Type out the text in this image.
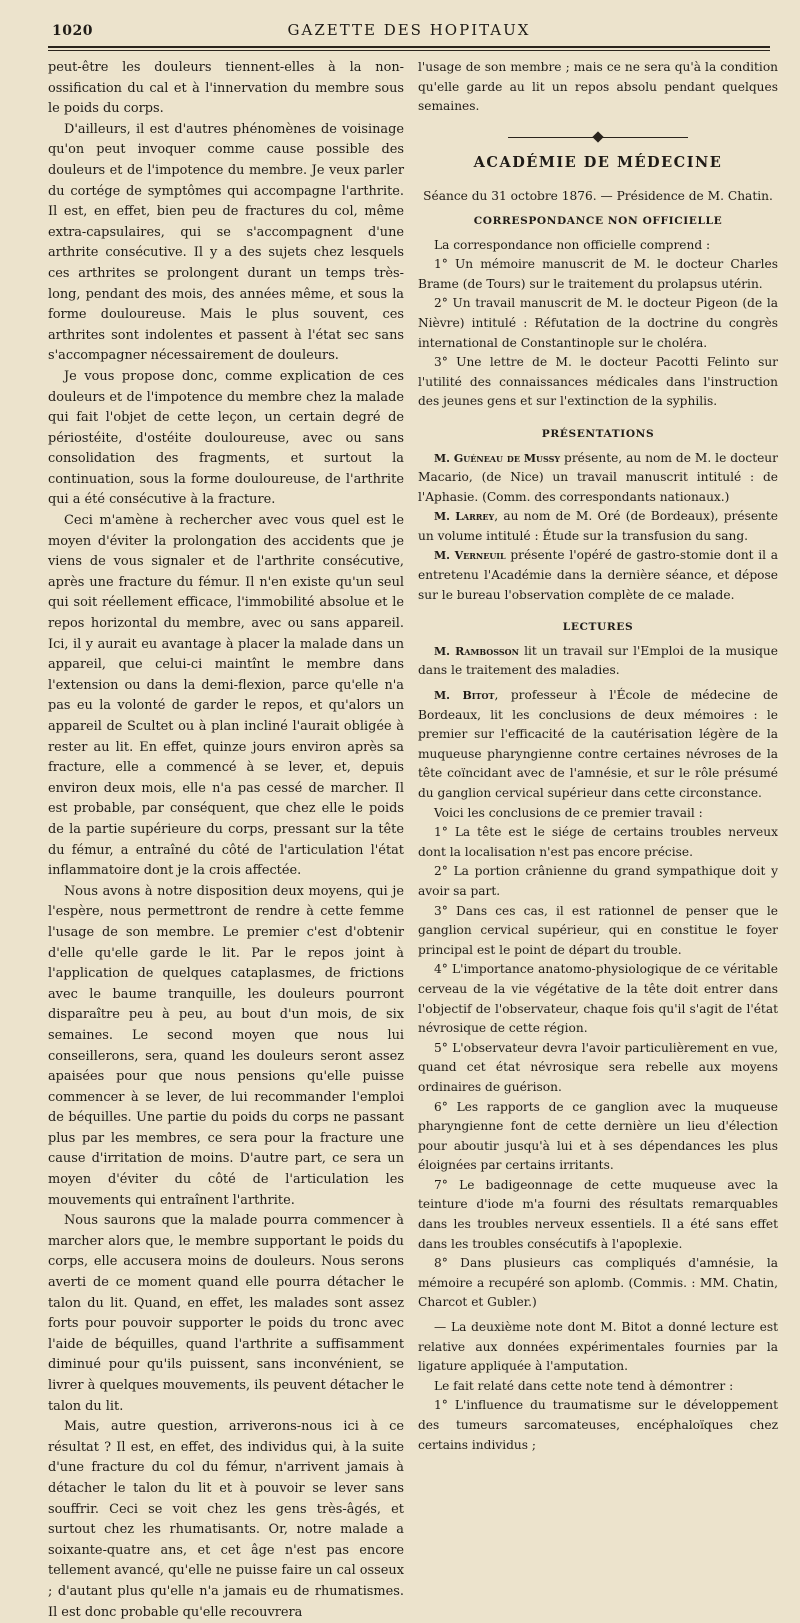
1020	GAZETTE DES HOPITAUX

peut-être les douleurs tiennent-elles à la non-ossification du cal et à l'innervation du membre sous le poids du corps.

D'ailleurs, il est d'autres phénomènes de voisinage qu'on peut invoquer comme cause possible des douleurs et de l'impotence du membre. Je veux parler du cortége de symptômes qui accompagne l'arthrite. Il est, en effet, bien peu de fractures du col, même extra-capsulaires, qui se s'accompagnent d'une arthrite consécutive. Il y a des sujets chez lesquels ces arthrites se prolongent durant un temps très-long, pendant des mois, des années même, et sous la forme douloureuse. Mais le plus souvent, ces arthrites sont indolentes et passent à l'état sec sans s'accompagner nécessairement de douleurs.

Je vous propose donc, comme explication de ces douleurs et de l'impotence du membre chez la malade qui fait l'objet de cette leçon, un certain degré de périostéite, d'ostéite douloureuse, avec ou sans consolidation des fragments, et surtout la continuation, sous la forme douloureuse, de l'arthrite qui a été consécutive à la fracture.

Ceci m'amène à rechercher avec vous quel est le moyen d'éviter la prolongation des accidents que je viens de vous signaler et de l'arthrite consécutive, après une fracture du fémur. Il n'en existe qu'un seul qui soit réellement efficace, l'immobilité absolue et le repos horizontal du membre, avec ou sans appareil. Ici, il y aurait eu avantage à placer la malade dans un appareil, que celui-ci maintînt le membre dans l'extension ou dans la demi-flexion, parce qu'elle n'a pas eu la volonté de garder le repos, et qu'alors un appareil de Scultet ou à plan incliné l'aurait obligée à rester au lit. En effet, quinze jours environ après sa fracture, elle a commencé à se lever, et, depuis environ deux mois, elle n'a pas cessé de marcher. Il est probable, par conséquent, que chez elle le poids de la partie supérieure du corps, pressant sur la tête du fémur, a entraîné du côté de l'articulation l'état inflammatoire dont je la crois affectée.

Nous avons à notre disposition deux moyens, qui je l'espère, nous permettront de rendre à cette femme l'usage de son membre. Le premier c'est d'obtenir d'elle qu'elle garde le lit. Par le repos joint à l'application de quelques cataplasmes, de frictions avec le baume tranquille, les douleurs pourront disparaître peu à peu, au bout d'un mois, de six semaines. Le second moyen que nous lui conseillerons, sera, quand les douleurs seront assez apaisées pour que nous pensions qu'elle puisse commencer à se lever, de lui recommander l'emploi de béquilles. Une partie du poids du corps ne passant plus par les membres, ce sera pour la fracture une cause d'irritation de moins. D'autre part, ce sera un moyen d'éviter du côté de l'articulation les mouvements qui entraînent l'arthrite.

Nous saurons que la malade pourra commencer à marcher alors que, le membre supportant le poids du corps, elle accusera moins de douleurs. Nous serons averti de ce moment quand elle pourra détacher le talon du lit. Quand, en effet, les malades sont assez forts pour pouvoir supporter le poids du tronc avec l'aide de béquilles, quand l'arthrite a suffisamment diminué pour qu'ils puissent, sans inconvénient, se livrer à quelques mouvements, ils peuvent détacher le talon du lit.

Mais, autre question, arriverons-nous ici à ce résultat ? Il est, en effet, des individus qui, à la suite d'une fracture du col du fémur, n'arrivent jamais à détacher le talon du lit et à pouvoir se lever sans souffrir. Ceci se voit chez les gens très-âgés, et surtout chez les rhumatisants. Or, notre malade a soixante-quatre ans, et cet âge n'est pas encore tellement avancé, qu'elle ne puisse faire un cal osseux ; d'autant plus qu'elle n'a jamais eu de rhumatismes. Il est donc probable qu'elle recouvrera

l'usage de son membre ; mais ce ne sera qu'à la condition qu'elle garde au lit un repos absolu pendant quelques semaines.

ACADÉMIE DE MÉDECINE

Séance du 31 octobre 1876. — Présidence de M. Chatin.

CORRESPONDANCE NON OFFICIELLE

La correspondance non officielle comprend :

1° Un mémoire manuscrit de M. le docteur Charles Brame (de Tours) sur le traitement du prolapsus utérin.

2° Un travail manuscrit de M. le docteur Pigeon (de la Nièvre) intitulé : Réfutation de la doctrine du congrès international de Constantinople sur le choléra.

3° Une lettre de M. le docteur Pacotti Felinto sur l'utilité des connaissances médicales dans l'instruction des jeunes gens et sur l'extinction de la syphilis.

PRÉSENTATIONS

M. Guéneau de Mussy présente, au nom de M. le docteur Macario, (de Nice) un travail manuscrit intitulé : de l'Aphasie. (Comm. des correspondants nationaux.)

M. Larrey, au nom de M. Oré (de Bordeaux), présente un volume intitulé : Étude sur la transfusion du sang.

M. Verneuil présente l'opéré de gastro-stomie dont il a entretenu l'Académie dans la dernière séance, et dépose sur le bureau l'observation complète de ce malade.

LECTURES

M. Rambosson lit un travail sur l'Emploi de la musique dans le traitement des maladies.

M. Bitot, professeur à l'École de médecine de Bordeaux, lit les conclusions de deux mémoires : le premier sur l'efficacité de la cautérisation légère de la muqueuse pharyngienne contre certaines névroses de la tête coïncidant avec de l'amnésie, et sur le rôle présumé du ganglion cervical supérieur dans cette circonstance.

Voici les conclusions de ce premier travail :

1° La tête est le siége de certains troubles nerveux dont la localisation n'est pas encore précise.

2° La portion crânienne du grand sympathique doit y avoir sa part.

3° Dans ces cas, il est rationnel de penser que le ganglion cervical supérieur, qui en constitue le foyer principal est le point de départ du trouble.

4° L'importance anatomo-physiologique de ce véritable cerveau de la vie végétative de la tête doit entrer dans l'objectif de l'observateur, chaque fois qu'il s'agit de l'état névrosique de cette région.

5° L'observateur devra l'avoir particulièrement en vue, quand cet état névrosique sera rebelle aux moyens ordinaires de guérison.

6° Les rapports de ce ganglion avec la muqueuse pharyngienne font de cette dernière un lieu d'élection pour aboutir jusqu'à lui et à ses dépendances les plus éloignées par certains irritants.

7° Le badigeonnage de cette muqueuse avec la teinture d'iode m'a fourni des résultats remarquables dans les troubles nerveux essentiels. Il a été sans effet dans les troubles consécutifs à l'apoplexie.

8° Dans plusieurs cas compliqués d'amnésie, la mémoire a recupéré son aplomb. (Commis. : MM. Chatin, Charcot et Gubler.)

— La deuxième note dont M. Bitot a donné lecture est relative aux données expérimentales fournies par la ligature appliquée à l'amputation.

Le fait relaté dans cette note tend à démontrer :

1° L'influence du traumatisme sur le développement des tumeurs sarcomateuses, encéphaloïques chez certains individus ;
